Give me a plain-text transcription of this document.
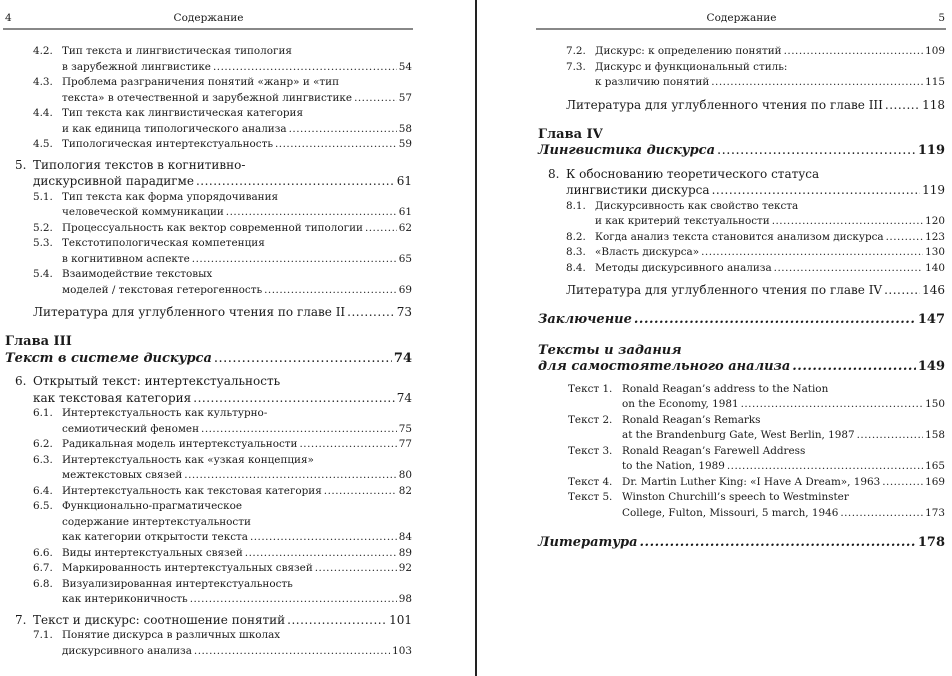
4	Содержание
4.2. Тип текста и лингвистическая типология
в зарубежной лингвистике .....	54
4.3. Проблема разграничения понятий «жанр» и «тип
текста» в отечественной и зарубежной лингвистике .....	57
4.4. Тип текста как лингвистическая категория
и как единица типологического анализа .....	58
4.5. Типологическая интертекстуальность .....	59
5. Типология текстов в когнитивно-
дискурсивной парадигме .....	61
5.1. Тип текста как форма упорядочивания
человеческой коммуникации .....	61
5.2. Процессуальность как вектор современной типологии .....	62
5.3. Текстотипологическая компетенция
в когнитивном аспекте .....	65
5.4. Взаимодействие текстовых
моделей / текстовая гетерогенность .....	69
Литература для углубленного чтения по главе II .....	73
Глава III
Текст в системе дискурса .....	74
6. Открытый текст: интертекстуальность
как текстовая категория .....	74
6.1. Интертекстуальность как культурно-
семиотический феномен .....	75
6.2. Радикальная модель интертекстуальности .....	77
6.3. Интертекстуальность как «узкая концепция»
межтекстовых связей .....	80
6.4. Интертекстуальность как текстовая категория .....	82
6.5. Функционально-прагматическое
содержание интертекстуальности
как категории открытости текста .....	84
6.6. Виды интертекстуальных связей .....	89
6.7. Маркированность интертекстуальных связей .....	92
6.8. Визуализированная интертекстуальность
как интериконичность .....	98
7. Текст и дискурс: соотношение понятий .....	101
7.1. Понятие дискурса в различных школах
дискурсивного анализа .....	103
Содержание	5
7.2. Дискурс: к определению понятий .....	109
7.3. Дискурс и функциональный стиль:
к различию понятий .....	115
Литература для углубленного чтения по главе III .....	118
Глава IV
Лингвистика дискурса .....	119
8. К обоснованию теоретического статуса
лингвистики дискурса .....	119
8.1. Дискурсивность как свойство текста
и как критерий текстуальности .....	120
8.2. Когда анализ текста становится анализом дискурса .....	123
8.3. «Власть дискурса» .....	130
8.4. Методы дискурсивного анализа .....	140
Литература для углубленного чтения по главе IV .....	146
Заключение .....	147
Тексты и задания
для самостоятельного анализа .....	149
Текст 1. Ronald Reagan’s address to the Nation
on the Economy, 1981 .....	150
Текст 2. Ronald Reagan’s Remarks
at the Brandenburg Gate, West Berlin, 1987 .....	158
Текст 3. Ronald Reagan’s Farewell Address
to the Nation, 1989 .....	165
Текст 4. Dr. Martin Luther King: «I Have A Dream», 1963 .....	169
Текст 5. Winston Churchill’s speech to Westminster
College, Fulton, Missouri, 5 march, 1946 .....	173
Литература .....	178
